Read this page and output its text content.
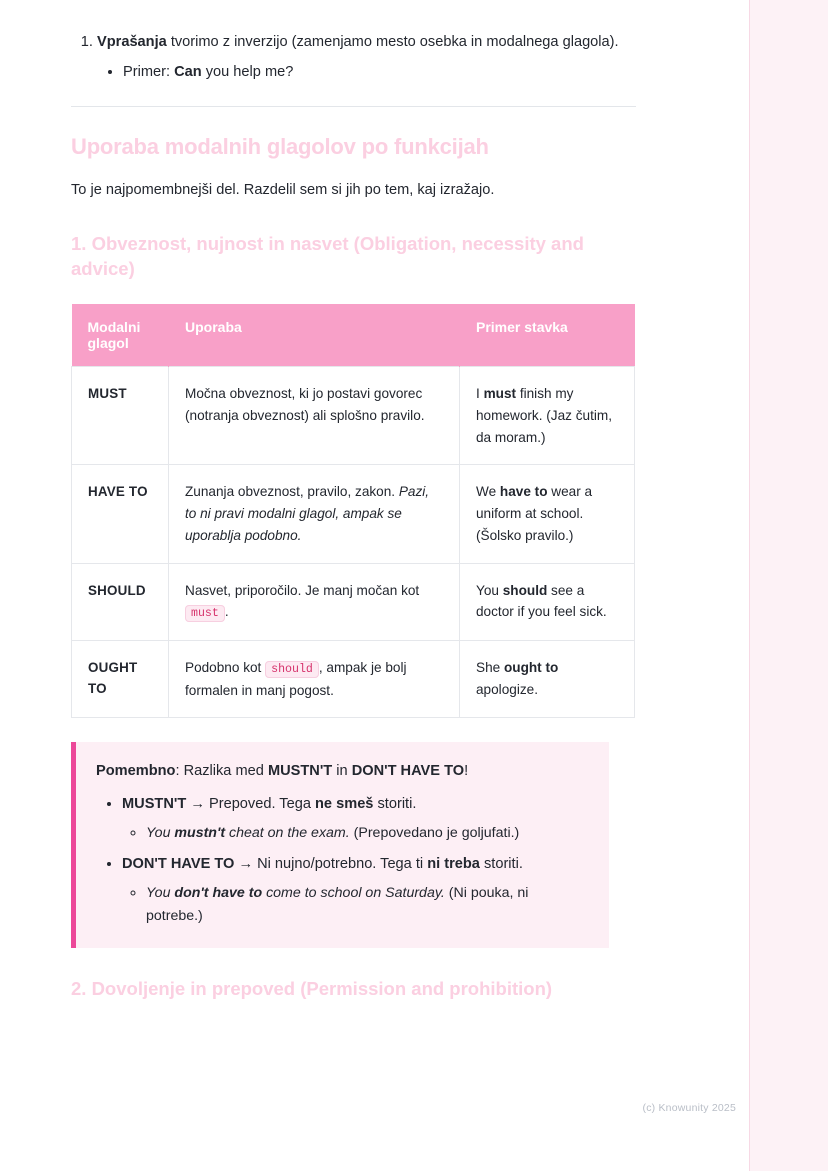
1. Vprašanja tvorimo z inverzijo (zamenjamo mesto osebka in modalnega glagola).
• Primer: Can you help me?
Uporaba modalnih glagolov po funkcijah

To je najpomembnejši del. Razdelil sem si jih po tem, kaj izražajo.

1. Obveznost, nujnost in nasvet (Obligation, necessity and advice)
Modalni glagol	Uporaba	Primer stavka
MUST	Močna obveznost, ki jo postavi govorec (notranja obveznost) ali splošno pravilo.	I must finish my homework. (Jaz čutim, da moram.)
HAVE TO	Zunanja obveznost, pravilo, zakon. Pazi, to ni pravi modalni glagol, ampak se uporablja podobno.	We have to wear a uniform at school. (Šolsko pravilo.)
SHOULD	Nasvet, priporočilo. Je manj močan kot must .	You should see a doctor if you feel sick.
OUGHT TO	Podobno kot should , ampak je bolj formalen in manj pogost.	She ought to apologize.

Pomembno: Razlika med MUSTN'T in DON'T HAVE TO!

• MUSTN'T → Prepoved. Tega ne smeš storiti.
◦ You mustn't cheat on the exam. (Prepovedano je goljufati.)
• DON'T HAVE TO → Ni nujno/potrebno. Tega ti ni treba storiti.
◦ You don't have to come to school on Saturday. (Ni pouka, ni potrebe.)
2. Dovoljenje in prepoved (Permission and prohibition)
(c) Knowunity 2025
